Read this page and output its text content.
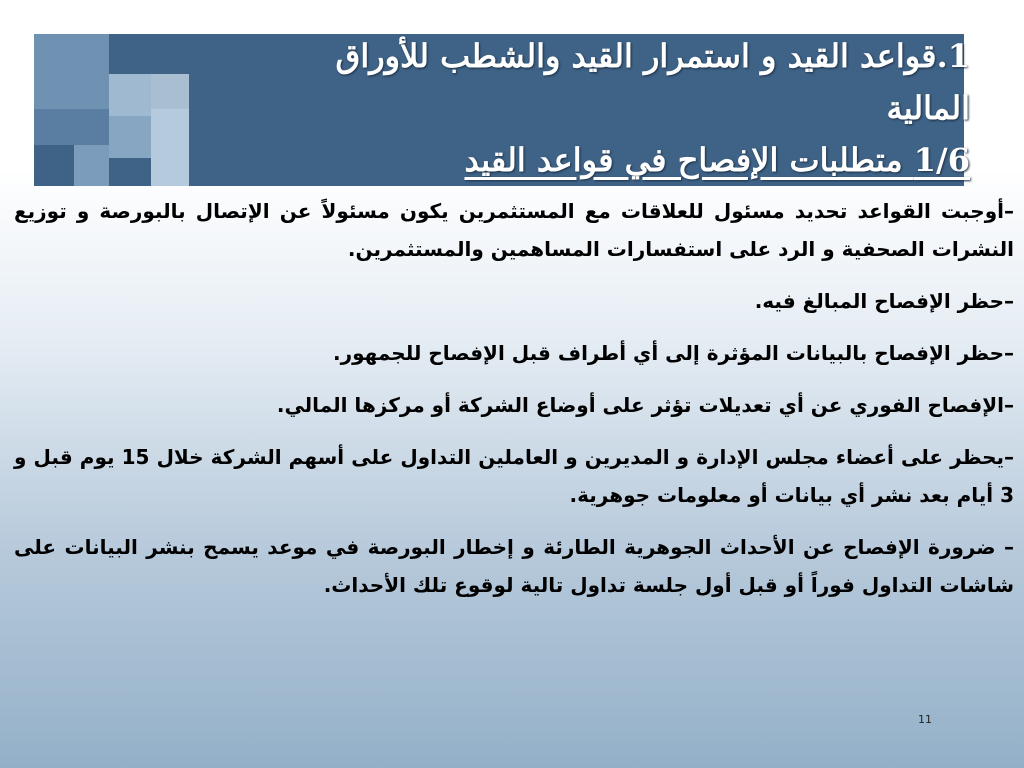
1.قواعد القيد و استمرار القيد والشطب للأوراق
المالية
1/6 متطلبات الإفصاح في قواعد القيد

–أوجبت القواعد تحديد مسئول للعلاقات مع المستثمرين يكون مسئولاً عن الإتصال بالبورصة و توزيع النشرات الصحفية و الرد على استفسارات المساهمين والمستثمرين.

–حظر الإفصاح المبالغ فيه.

–حظر الإفصاح بالبيانات المؤثرة إلى أي أطراف قبل الإفصاح للجمهور.

–الإفصاح الفوري عن أي تعديلات تؤثر على أوضاع الشركة أو مركزها المالي.

–يحظر على أعضاء مجلس الإدارة و المديرين و العاملين التداول على أسهم الشركة خلال 15 يوم قبل و 3 أيام بعد نشر أي بيانات أو معلومات جوهرية.

– ضرورة الإفصاح عن الأحداث الجوهرية الطارئة و إخطار البورصة في موعد يسمح بنشر البيانات على شاشات التداول فوراً أو قبل أول جلسة تداول تالية لوقوع تلك الأحداث.

11
